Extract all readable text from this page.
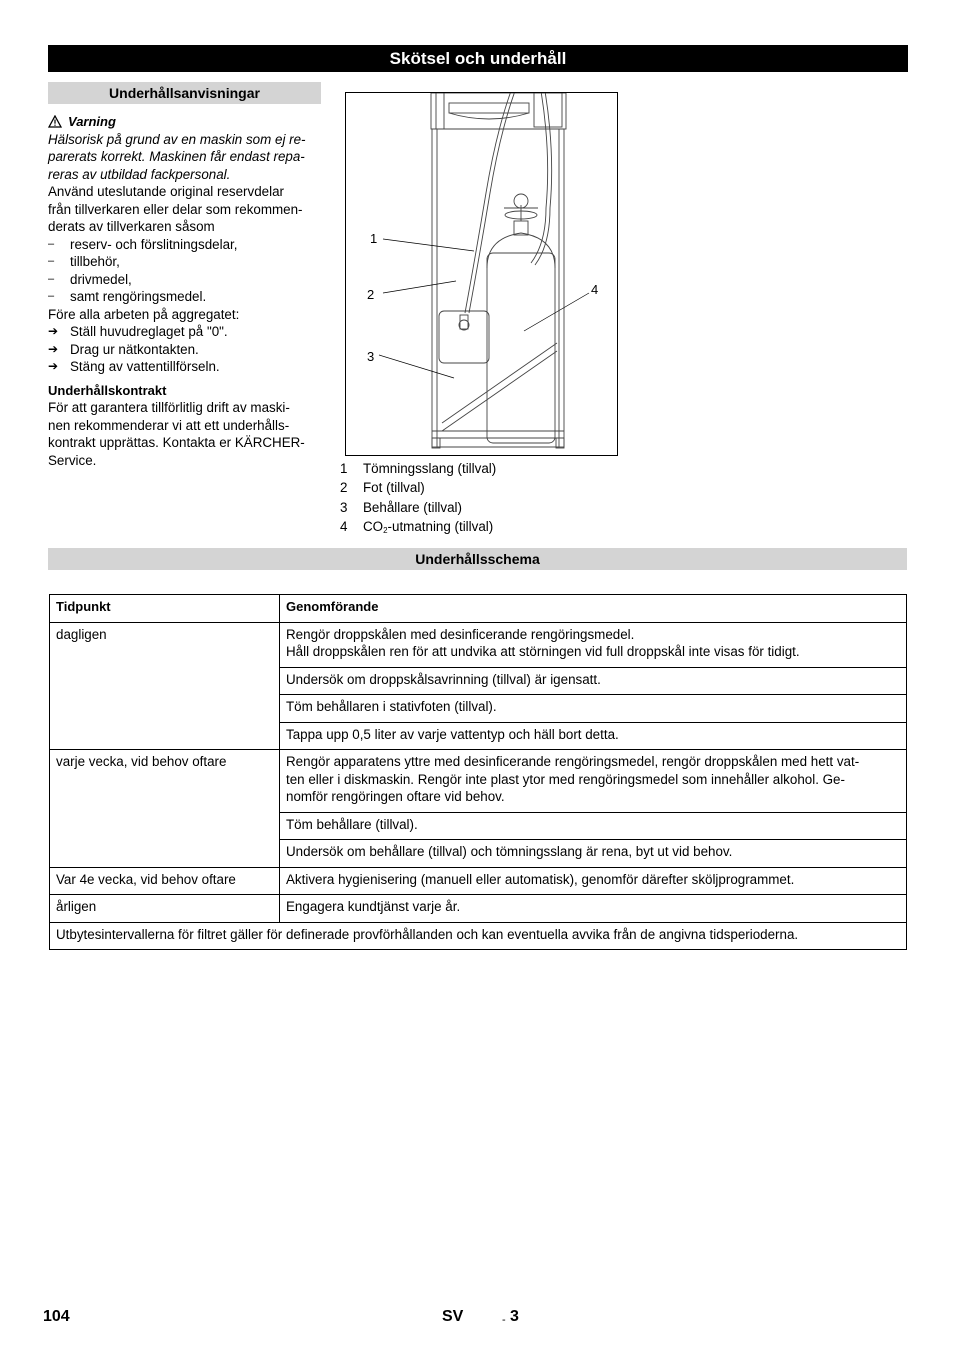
Skötsel och underhåll
Underhållsanvisningar
Varning
Hälsorisk på grund av en maskin som ej re-
parerats korrekt. Maskinen får endast repa-
reras av utbildad fackpersonal.
Använd uteslutande original reservdelar
från tillverkaren eller delar som rekommen-
derats av tillverkaren såsom
–	reserv- och förslitningsdelar,
–	tillbehör,
–	drivmedel,
–	samt rengöringsmedel.
Före alla arbeten på aggregatet:
➔ Ställ huvudreglaget på "0".
➔ Drag ur nätkontakten.
➔ Stäng av vattentillförseln.
Underhållskontrakt
För att garantera tillförlitlig drift av maski-
nen rekommenderar vi att ett underhålls-
kontrakt upprättas. Kontakta er KÄRCHER-
Service.
1
2
3
4
1	Tömningsslang (tillval)
2	Fot (tillval)
3	Behållare (tillval)
4	$CO_2$-utmatning (tillval)
Underhållsschema
Tidpunkt	Genomförande
dagligen	Rengör droppskålen med desinficerande rengöringsmedel.
Håll droppskålen ren för att undvika att störningen vid full droppskål inte visas för tidigt.

	Undersök om droppskålsavrinning (tillval) är igensatt.
	Töm behållaren i stativfoten (tillval).
	Tappa upp 0,5 liter av varje vattentyp och häll bort detta.
varje vecka, vid behov oftare	Rengör apparatens yttre med desinficerande rengöringsmedel, rengör droppskålen med hett vat-
ten eller i diskmaskin. Rengör inte plast ytor med rengöringsmedel som innehåller alkohol. Ge-
nomför rengöringen oftare vid behov.

	Töm behållare (tillval).
	Undersök om behållare (tillval) och tömningsslang är rena, byt ut vid behov.
Var 4e vecka, vid behov oftare	Aktivera hygienisering (manuell eller automatisk), genomför därefter sköljprogrammet.
årligen	Engagera kundtjänst varje år.
Utbytesintervallerna för filtret gäller för definerade provförhållanden och kan eventuella avvika från de angivna tidsperioderna.	
104	SV	- 3
